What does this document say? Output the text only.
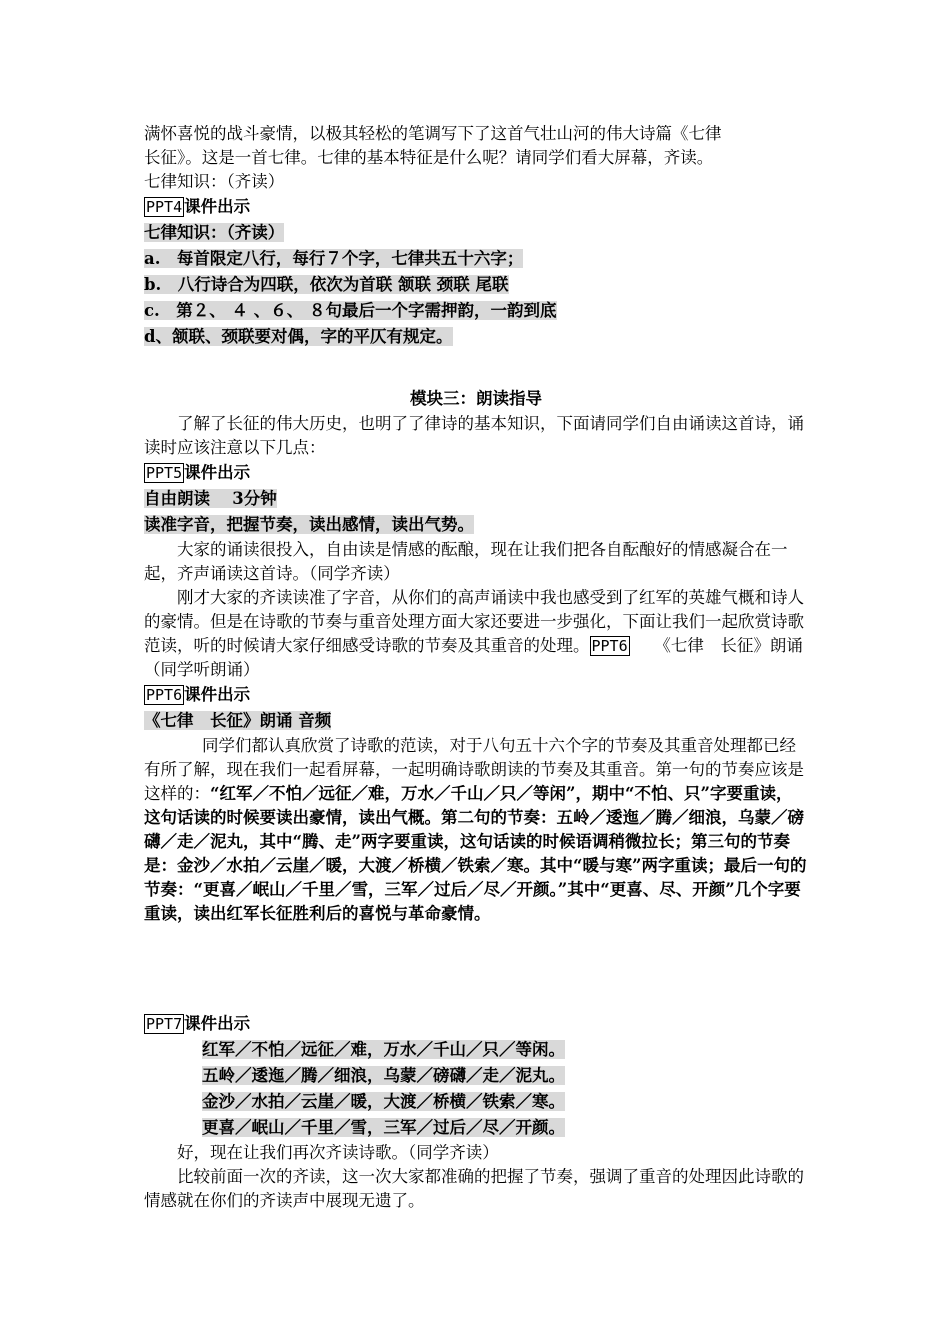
满怀喜悦的战斗豪情，以极其轻松的笔调写下了这首气壮山河的伟大诗篇《七律

长征》。这是一首七律。七律的基本特征是什么呢？请同学们看大屏幕，齐读。

七律知识：（齐读）

PPT4 课件出示

七律知识：（齐读）

a.　每首限定八行，每行７个字，七律共五十六字；

b.　八行诗合为四联，依次为首联 颔联 颈联 尾联

c.　第２、 ４ 、６、 ８句最后一个字需押韵，一韵到底

d、颔联、颈联要对偶，字的平仄有规定。

模块三：朗读指导

了解了长征的伟大历史，也明了了律诗的基本知识，下面请同学们自由诵读这首诗，诵读时应该注意以下几点：

PPT5 课件出示

自由朗读　 3分钟

读准字音，把握节奏，读出感情，读出气势。

大家的诵读很投入，自由读是情感的酝酿，现在让我们把各自酝酿好的情感凝合在一起，齐声诵读这首诗。（同学齐读）

刚才大家的齐读读准了字音，从你们的高声诵读中我也感受到了红军的英雄气概和诗人的豪情。但是在诗歌的节奏与重音处理方面大家还要进一步强化，下面让我们一起欣赏诗歌范读，听的时候请大家仔细感受诗歌的节奏及其重音的处理。 PPT6　　《七律　长征》朗诵（同学听朗诵）

PPT6 课件出示

《七律　长征》朗诵 音频

同学们都认真欣赏了诗歌的范读，对于八句五十六个字的节奏及其重音处理都已经有所了解，现在我们一起看屏幕，一起明确诗歌朗读的节奏及其重音。第一句的节奏应该是这样的：“红军／不怕／远征／难，万水／千山／只／等闲”，期中“不怕、只”字要重读，这句话读的时候要读出豪情，读出气概。第二句的节奏：五岭／逶迤／腾／细浪，乌蒙／磅礴／走／泥丸，其中“腾、走”两字要重读，这句话读的时候语调稍微拉长；第三句的节奏是：金沙／水拍／云崖／暖，大渡／桥横／铁索／寒。其中“暖与寒”两字重读；最后一句的节奏：“更喜／岷山／千里／雪，三军／过后／尽／开颜。”其中“更喜、尽、开颜”几个字要重读，读出红军长征胜利后的喜悦与革命豪情。

PPT7 课件出示

红军／不怕／远征／难，万水／千山／只／等闲。

五岭／逶迤／腾／细浪，乌蒙／磅礴／走／泥丸。

金沙／水拍／云崖／暖，大渡／桥横／铁索／寒。

更喜／岷山／千里／雪，三军／过后／尽／开颜。

好，现在让我们再次齐读诗歌。（同学齐读）

比较前面一次的齐读，这一次大家都准确的把握了节奏，强调了重音的处理因此诗歌的情感就在你们的齐读声中展现无遗了。
